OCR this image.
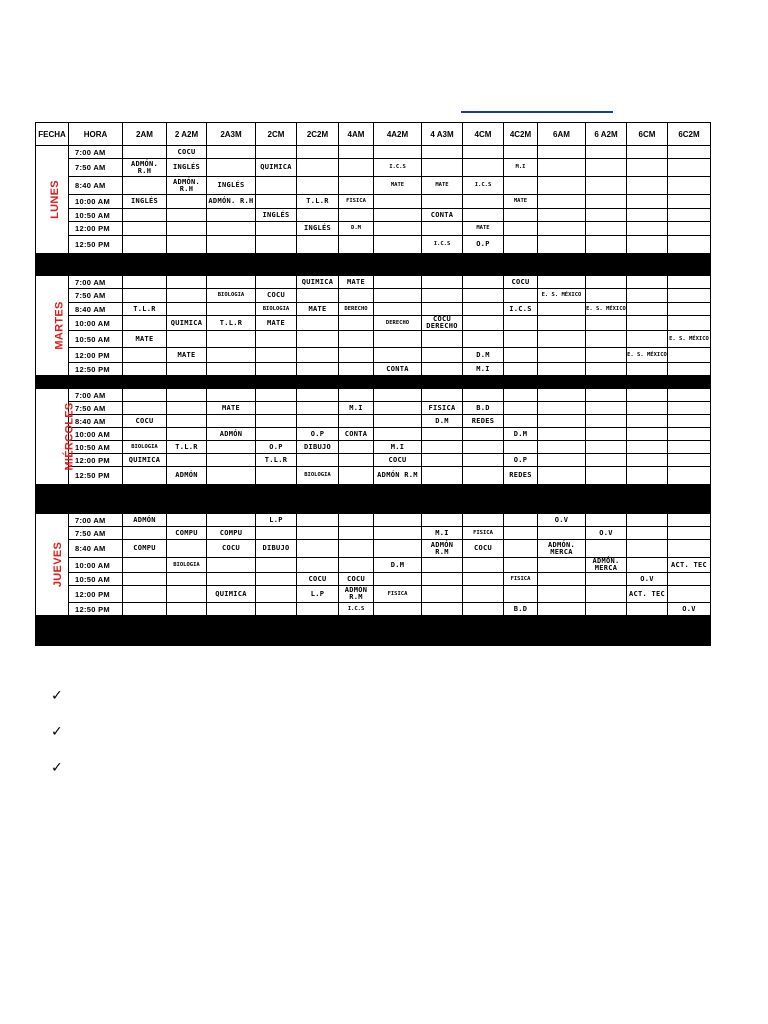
FECHA	HORA	2AM	2 A2M	2A3M	2CM	2C2M	4AM	4A2M	4 A3M	4CM	4C2M	6AM	6 A2M	6CM	6C2M
LUNES	7:00 AM		COCU												
	7:50 AM	ADMÓN. R.H	INGLÉS		QUIMICA			I.C.S			M.I				
	8:40 AM		ADMÓN. R.H	INGLÉS				MATE	MATE	I.C.S					
	10:00 AM	INGLÉS		ADMÓN. R.H		T.L.R	FISICA				MATE				
	10:50 AM				INGLÉS				CONTA						
	12:00 PM					INGLÉS	D.M			MATE					
	12:50 PM								I.C.S	O.P					

MARTES	7:00 AM					QUIMICA	MATE				COCU				
	7:50 AM			BIOLOGIA	COCU							E. S. MÉXICO			
	8:40 AM	T.L.R			BIOLOGIA	MATE	DERECHO				I.C.S		E. S. MÉXICO		
	10:00 AM		QUIMICA	T.L.R	MATE			DERECHO	COCU DERECHO						
	10:50 AM	MATE													E. S. MÉXICO
	12:00 PM		MATE							D.M				E. S. MÉXICO	
	12:50 PM							CONTA		M.I					

MIÉRCOLES	7:00 AM														
	7:50 AM			MATE			M.I		FISICA	B.D					
	8:40 AM	COCU							D.M	REDES					
	10:00 AM			ADMÓN		O.P	CONTA				D.M				
	10:50 AM	BIOLOGIA	T.L.R		O.P	DIBUJO		M.I							
	12:00 PM	QUIMICA			T.L.R			COCU			O.P				
	12:50 PM		ADMÓN			BIOLOGIA		ADMÓN R.M			REDES				

JUEVES	7:00 AM	ADMÓN			L.P							O.V			
	7:50 AM		COMPU	COMPU					M.I	FISICA			O.V		
	8:40 AM	COMPU		COCU	DIBUJO				ADMÓN R.M	COCU		ADMÓN. MERCA			
	10:00 AM		BIOLOGIA					D.M					ADMÓN. MERCA		ACT. TEC
	10:50 AM					COCU	COCU				FISICA			O.V	
	12:00 PM			QUIMICA		L.P	ADMÓN R.M	FISICA						ACT. TEC	
	12:50 PM						I.C.S				B.D				O.V

✓
✓
✓
